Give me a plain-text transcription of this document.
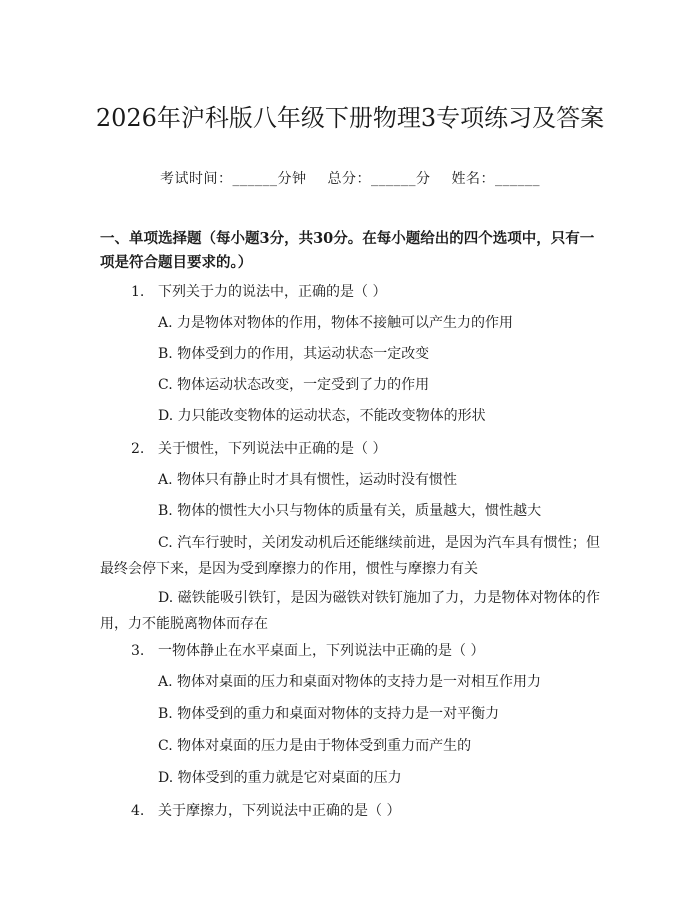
2026年沪科版八年级下册物理3专项练习及答案
考试时间：______分钟 总分：______分 姓名：______
一、单项选择题（每小题3分，共30分。在每小题给出的四个选项中，只有一项是符合题目要求的。）
1. 下列关于力的说法中，正确的是（ ）
A. 力是物体对物体的作用，物体不接触可以产生力的作用
B. 物体受到力的作用，其运动状态一定改变
C. 物体运动状态改变，一定受到了力的作用
D. 力只能改变物体的运动状态，不能改变物体的形状
2. 关于惯性，下列说法中正确的是（ ）
A. 物体只有静止时才具有惯性，运动时没有惯性
B. 物体的惯性大小只与物体的质量有关，质量越大，惯性越大
C. 汽车行驶时，关闭发动机后还能继续前进，是因为汽车具有惯性；但最终会停下来，是因为受到摩擦力的作用，惯性与摩擦力有关
D. 磁铁能吸引铁钉，是因为磁铁对铁钉施加了力，力是物体对物体的作用，力不能脱离物体而存在
3. 一物体静止在水平桌面上，下列说法中正确的是（ ）
A. 物体对桌面的压力和桌面对物体的支持力是一对相互作用力
B. 物体受到的重力和桌面对物体的支持力是一对平衡力
C. 物体对桌面的压力是由于物体受到重力而产生的
D. 物体受到的重力就是它对桌面的压力
4. 关于摩擦力，下列说法中正确的是（ ）
